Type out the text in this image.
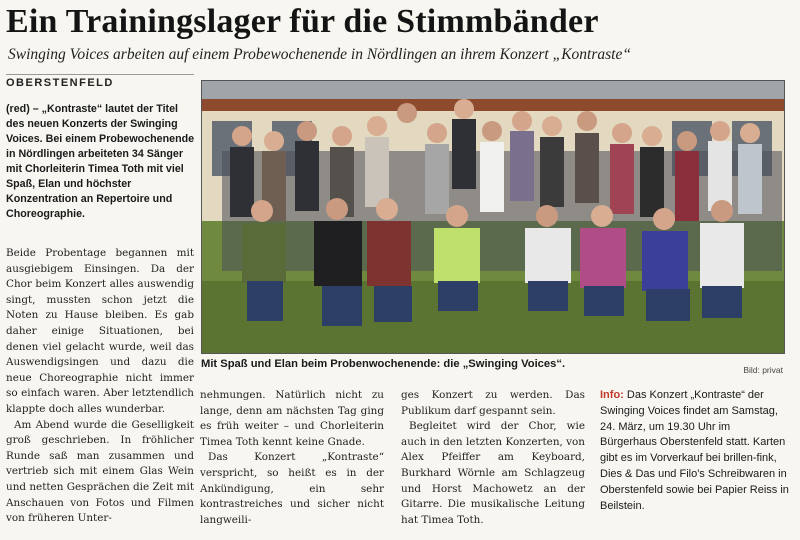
Ein Trainingslager für die Stimmbänder
Swinging Voices arbeiten auf einem Probewochenende in Nördlingen an ihrem Konzert „Kontraste“
OBERSTENFELD
(red) – „Kontraste“ lautet der Titel des neuen Konzerts der Swinging Voices. Bei einem Probewochenende in Nördlingen arbeiteten 34 Sänger mit Chorleiterin Timea Toth mit viel Spaß, Elan und höchster Konzentration an Repertoire und Choreographie.

Beide Probentage begannen mit ausgiebigem Einsingen. Da der Chor beim Konzert alles auswendig singt, mussten schon jetzt die Noten zu Hause bleiben. Es gab daher einige Situationen, bei denen viel gelacht wurde, weil das Auswendigsingen und dazu die neue Choreographie nicht immer so einfach waren. Aber letztendlich klappte doch alles wunderbar.

Am Abend wurde die Geselligkeit groß geschrieben. In fröhlicher Runde saß man zusammen und vertrieb sich mit einem Glas Wein und netten Gesprächen die Zeit mit Anschauen von Fotos und Filmen von früheren Unter-

Mit Spaß und Elan beim Probenwochenende: die „Swinging Voices“.	Bild: privat

nehmungen. Natürlich nicht zu lange, denn am nächsten Tag ging es früh weiter – und Chorleiterin Timea Toth kennt keine Gnade.

Das Konzert „Kontraste“ verspricht, so heißt es in der Ankündigung, ein sehr kontrastreiches und sicher nicht langweili-

ges Konzert zu werden. Das Publikum darf gespannt sein.

Begleitet wird der Chor, wie auch in den letzten Konzerten, von Alex Pfeiffer am Keyboard, Burkhard Wörnle am Schlagzeug und Horst Machowetz an der Gitarre. Die musikalische Leitung hat Timea Toth.

Info: Das Konzert „Kontraste“ der Swinging Voices findet am Samstag, 24. März, um 19.30 Uhr im Bürgerhaus Oberstenfeld statt. Karten gibt es im Vorverkauf bei brillen-fink, Dies & Das und Filo's Schreibwaren in Oberstenfeld sowie bei Papier Reiss in Beilstein.
